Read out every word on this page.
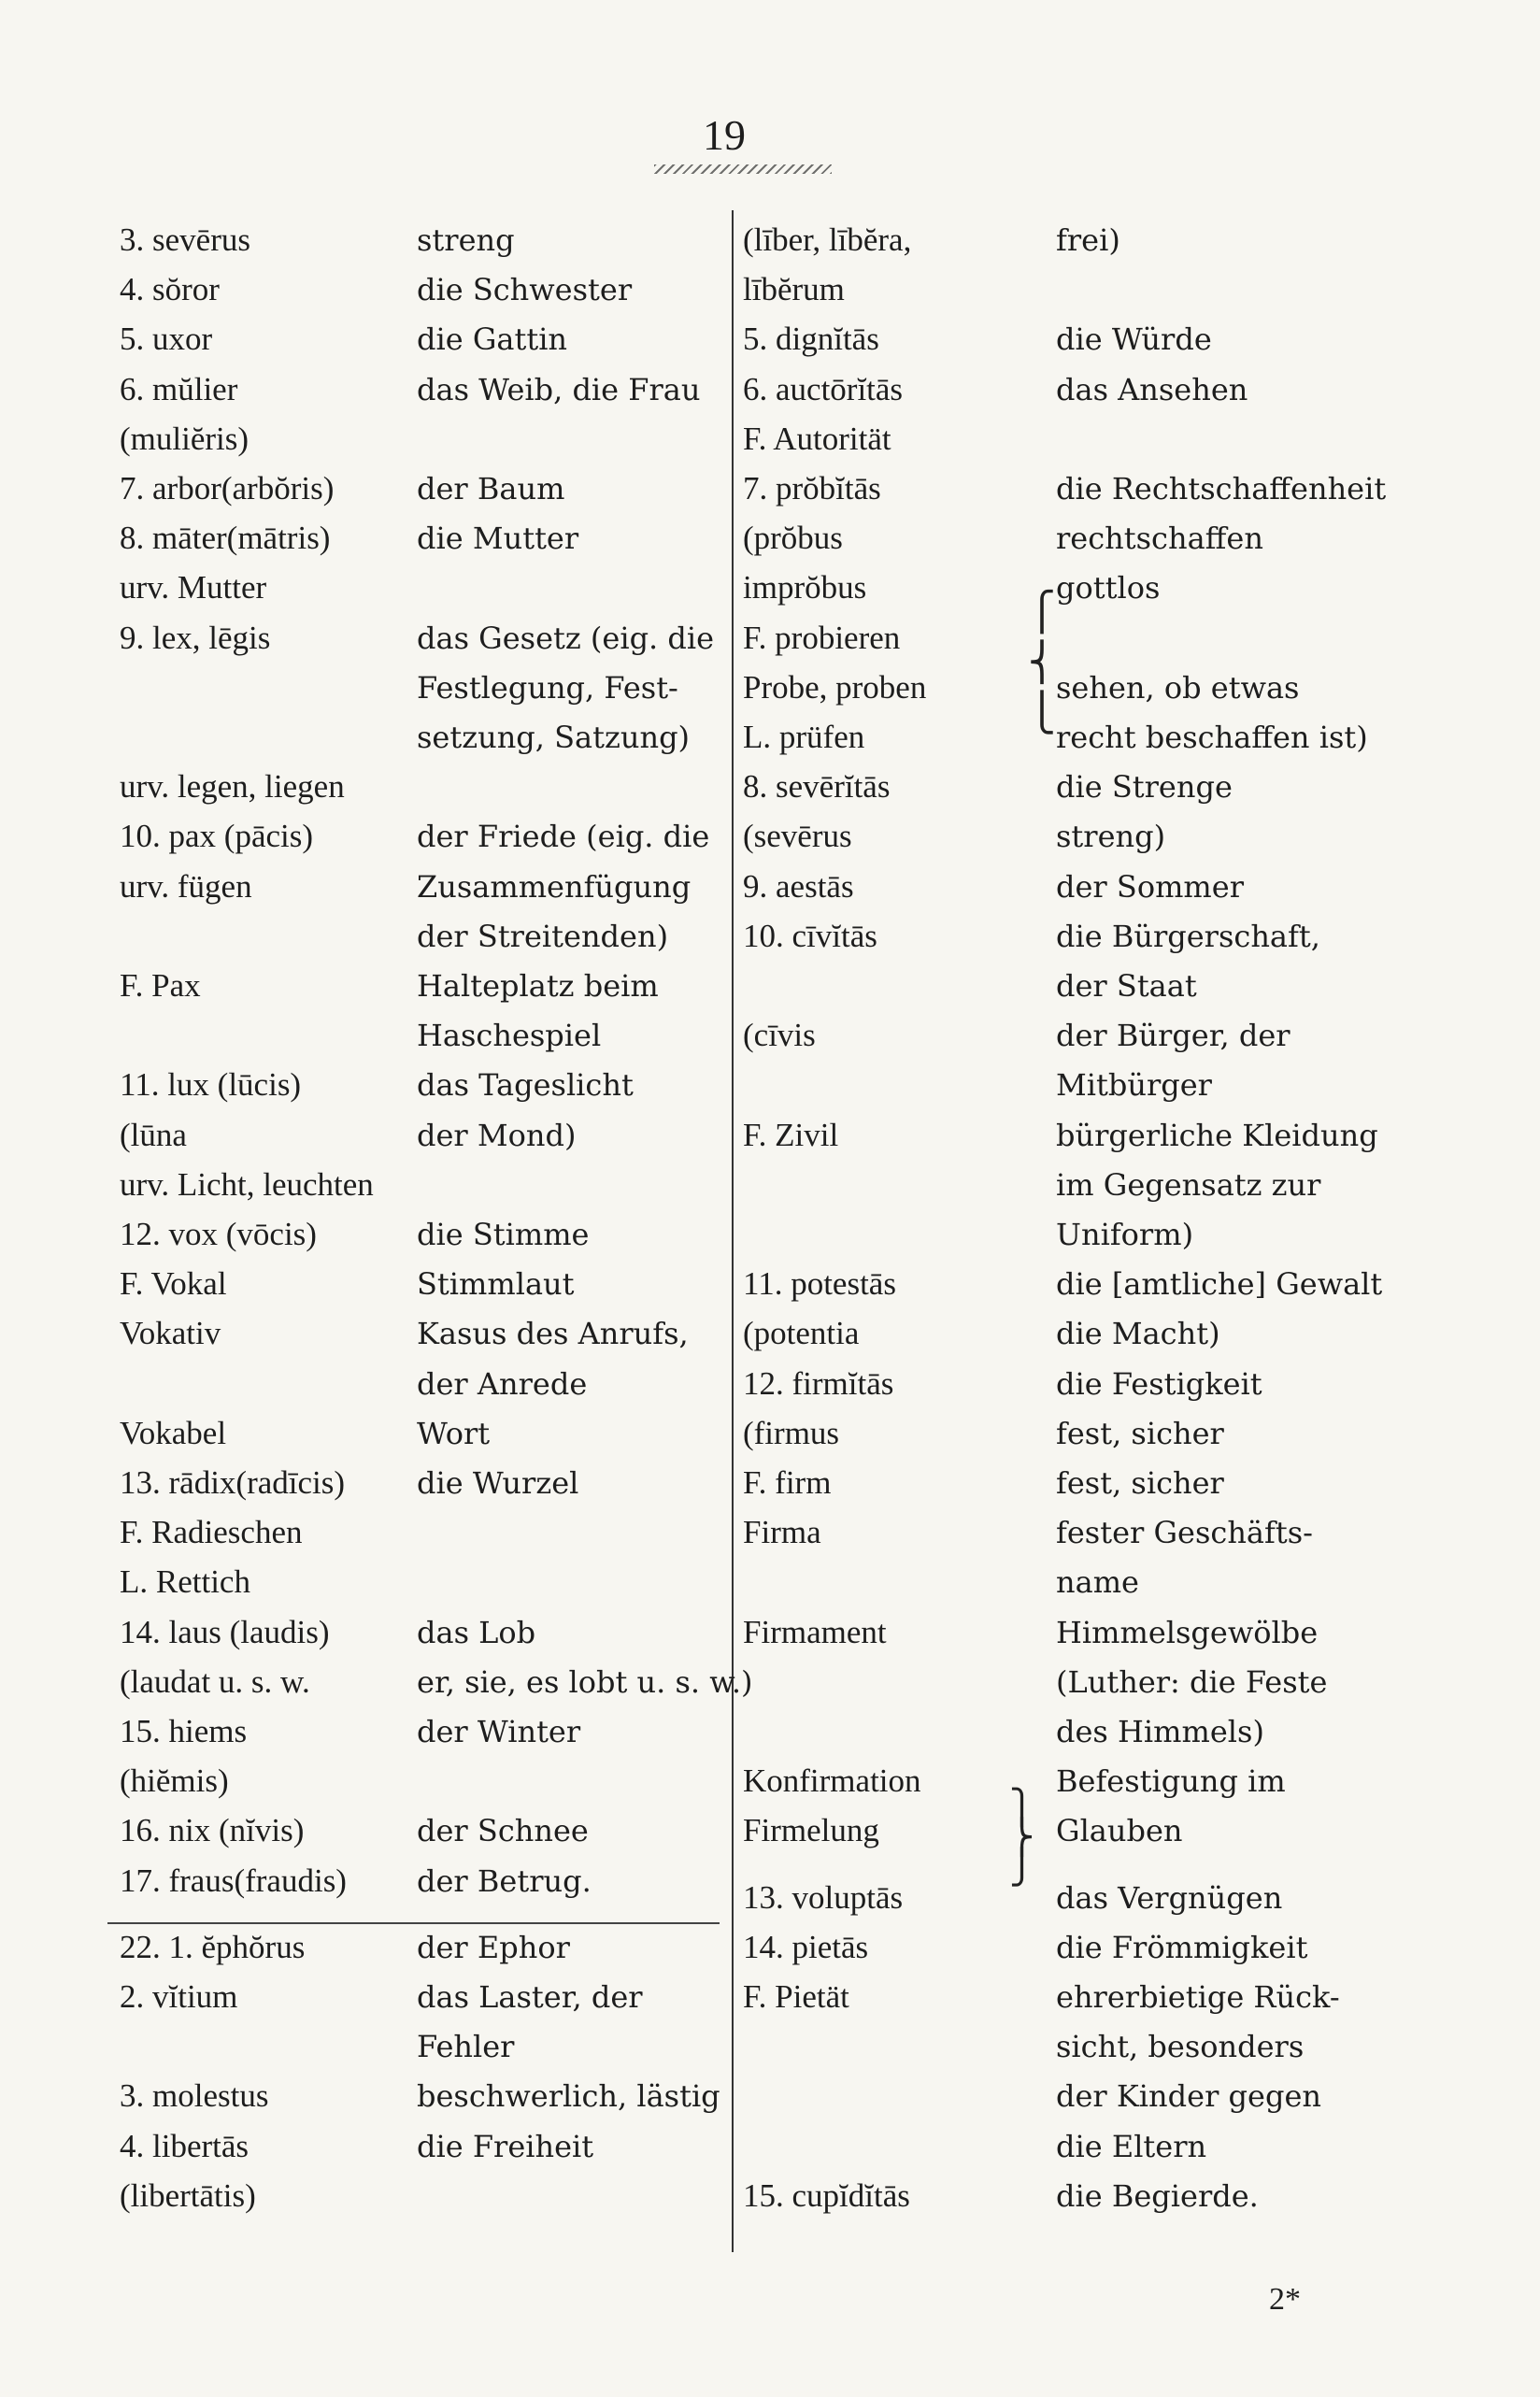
19
3. sevērus	streng
4. sŏror	die Schwester
5. uxor	die Gattin
6. mŭlier	das Weib, die Frau
(muliĕris)
7. arbor(arbŏris)	der Baum
8. māter(mātris)	die Mutter
urv. Mutter
9. lex, lēgis	das Gesetz (eig. die
Festlegung, Fest-
setzung, Satzung)
urv. legen, liegen
10. pax (pācis)	der Friede (eig. die
urv. fügen	Zusammenfügung
der Streitenden)
F. Pax	Halteplatz beim
Haschespiel
11. lux (lūcis)	das Tageslicht
(lūna	der Mond)
urv. Licht, leuchten
12. vox (vōcis)	die Stimme
F. Vokal	Stimmlaut
Vokativ	Kasus des Anrufs,
der Anrede
Vokabel	Wort
13. rādix(radīcis) die Wurzel
F. Radieschen
L. Rettich
14. laus (laudis)	das Lob
(laudat u. s. w.	er, sie, es lobt u. s. w.)
15. hiems	der Winter
(hiĕmis)
16. nix (nĭvis)	der Schnee
17. fraus(fraudis) der Betrug.
22. 1. ĕphŏrus	der Ephor
2. vĭtium	das Laster, der
Fehler
3. molestus	beschwerlich, lästig
4. libertās	die Freiheit
(libertātis)
(līber, lībĕra,	frei)
lībĕrum
5. dignĭtās	die Würde
6. auctōrĭtās	das Ansehen
F. Autorität
7. prŏbĭtās	die Rechtschaffenheit
(prŏbus	rechtschaffen
imprŏbus	gottlos
F. probieren
Probe, proben	sehen, ob etwas
L. prüfen	recht beschaffen ist)
8. sevērĭtās	die Strenge
(sevērus	streng)
9. aestās	der Sommer
10. cīvĭtās	die Bürgerschaft,
der Staat
(cīvis	der Bürger, der
Mitbürger
F. Zivil	bürgerliche Kleidung
im Gegensatz zur
Uniform)
11. potestās	die [amtliche] Gewalt
(potentia	die Macht)
12. firmĭtās	die Festigkeit
(firmus	fest, sicher
F. firm	fest, sicher
Firma	fester Geschäfts-
name
Firmament	Himmelsgewölbe
(Luther: die Feste
des Himmels)
Konfirmation	Befestigung im
Firmelung	Glauben
13. voluptās	das Vergnügen
14. pietās	die Frömmigkeit
F. Pietät	ehrerbietige Rück-
sicht, besonders
der Kinder gegen
die Eltern
15. cupĭdĭtās	die Begierde.
⎧
⎨
⎩
⎫
⎬
⎭
2*
